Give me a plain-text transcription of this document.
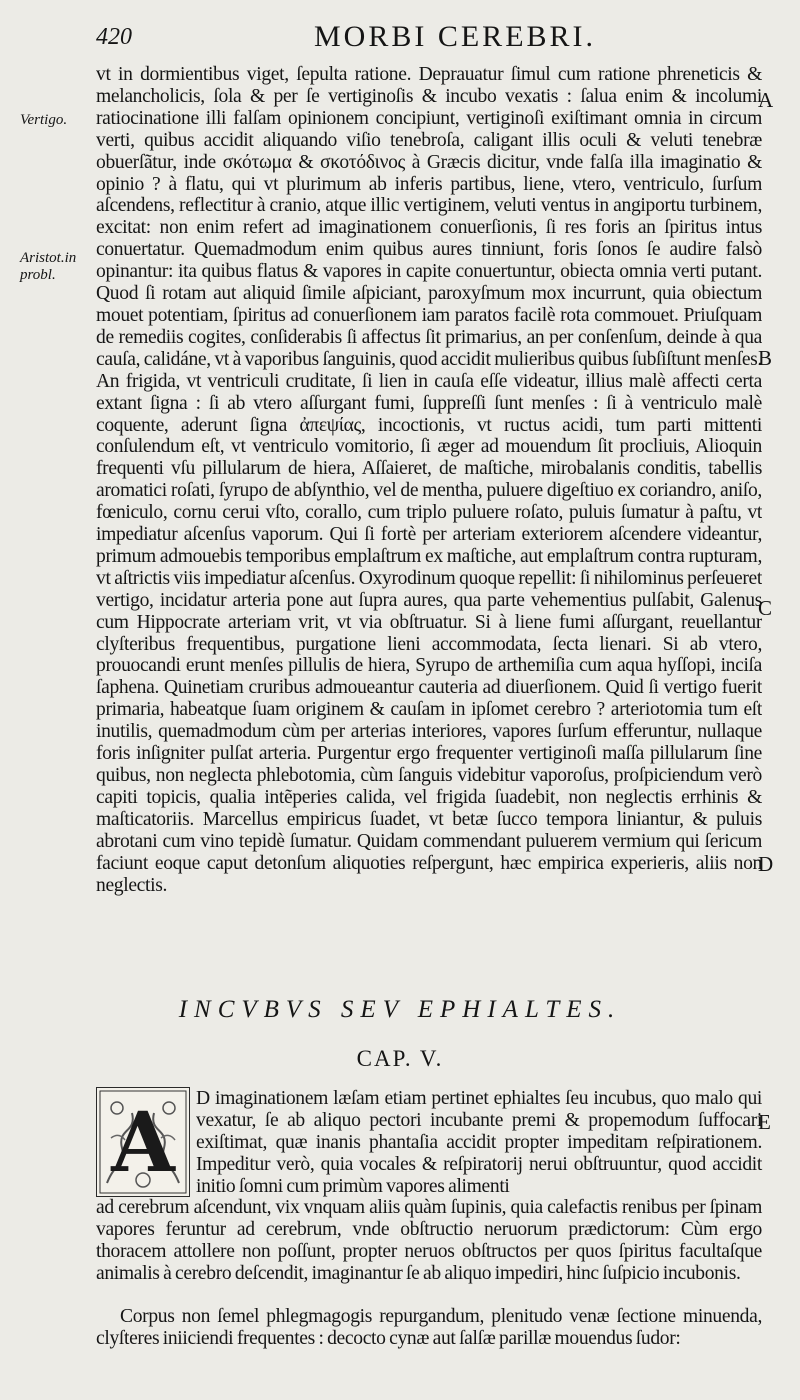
420	MORBI CEREBRI.
Vertigo.
Aristot.in probl.
A
B
C
D
E

vt in dormientibus viget, ſepulta ratione. Deprauatur ſimul cum ratione phreneticis & melancholicis, ſola & per ſe vertiginoſis & incubo vexatis : ſalua enim & incolumi ratiocinatione illi falſam opinionem concipiunt, vertiginoſi exiſtimant omnia in circum verti, quibus accidit aliquando viſio tenebroſa, caligant illis oculi & veluti tenebræ obuerſãtur, inde σκότωμα & σκοτόδινος à Græcis dicitur, vnde falſa illa imaginatio & opinio ? à flatu, qui vt plurimum ab inferis partibus, liene, vtero, ventriculo, ſurſum aſcendens, reflectitur à cranio, atque illic vertiginem, veluti ventus in angiportu turbinem, excitat: non enim refert ad imaginationem conuerſionis, ſi res foris an ſpiritus intus conuertatur. Quemadmodum enim quibus aures tinniunt, foris ſonos ſe audire falsò opinantur: ita quibus flatus & vapores in capite conuertuntur, obiecta omnia verti putant. Quod ſi rotam aut aliquid ſimile aſpiciant, paroxyſmum mox incurrunt, quia obiectum mouet potentiam, ſpiritus ad conuerſionem iam paratos facilè rota commouet. Priuſquam de remediis cogites, conſiderabis ſi affectus ſit primarius, an per conſenſum, deinde à qua cauſa, calidáne, vt à vaporibus ſanguinis, quod accidit mulieribus quibus ſubſiſtunt menſes. An frigida, vt ventriculi cruditate, ſi lien in cauſa eſſe videatur, illius malè affecti certa extant ſigna : ſi ab vtero aſſurgant fumi, ſuppreſſi ſunt menſes : ſi à ventriculo malè coquente, aderunt ſigna ἀπεψίας, incoctionis, vt ructus acidi, tum parti mittenti conſulendum eſt, vt ventriculo vomitorio, ſi æger ad mouendum ſit procliuis, Alioquin frequenti vſu pillularum de hiera, Aſſaieret, de maſtiche, mirobalanis conditis, tabellis aromatici roſati, ſyrupo de abſynthio, vel de mentha, puluere digeſtiuo ex coriandro, aniſo, fœniculo, cornu cerui vſto, corallo, cum triplo puluere roſato, puluis ſumatur à paſtu, vt impediatur aſcenſus vaporum. Qui ſi fortè per arteriam exteriorem aſcendere videantur, primum admouebis temporibus emplaſtrum ex maſtiche, aut emplaſtrum contra rupturam, vt aſtrictis viis impediatur aſcenſus. Oxyrodinum quoque repellit: ſi nihilominus perſeueret vertigo, incidatur arteria pone aut ſupra aures, qua parte vehementius pulſabit, Galenus cum Hippocrate arteriam vrit, vt via obſtruatur. Si à liene fumi aſſurgant, reuellantur clyſteribus frequentibus, purgatione lieni accommodata, ſecta lienari. Si ab vtero, prouocandi erunt menſes pillulis de hiera, Syrupo de arthemiſia cum aqua hyſſopi, inciſa ſaphena. Quinetiam cruribus admoueantur cauteria ad diuerſionem. Quid ſi vertigo fuerit primaria, habeatque ſuam originem & cauſam in ipſomet cerebro ? arteriotomia tum eſt inutilis, quemadmodum cùm per arterias interiores, vapores ſurſum efferuntur, nullaque foris inſigniter pulſat arteria. Purgentur ergo frequenter vertiginoſi maſſa pillularum ſine quibus, non neglecta phlebotomia, cùm ſanguis videbitur vaporoſus, proſpiciendum verò capiti topicis, qualia intẽperies calida, vel frigida ſuadebit, non neglectis errhinis & maſticatoriis. Marcellus empiricus ſuadet, vt betæ ſucco tempora liniantur, & puluis abrotani cum vino tepidè ſumatur. Quidam commendant puluerem vermium qui ſericum faciunt eoque caput detonſum aliquoties reſpergunt, hæc empirica experieris, aliis non neglectis.

INCVBVS SEV EPHIALTES.
CAP. V.
A	D imaginationem læſam etiam pertinet ephialtes ſeu incubus, quo malo qui vexatur, ſe ab aliquo pectori incubante premi & propemodum ſuffocari exiſtimat, quæ inanis phantaſia accidit propter impeditam reſpirationem. Impeditur verò, quia vocales & reſpiratorij nerui obſtruuntur, quod accidit initio ſomni cum primùm vapores alimenti
ad cerebrum aſcendunt, vix vnquam aliis quàm ſupinis, quia calefactis renibus per ſpinam vapores feruntur ad cerebrum, vnde obſtructio neruorum prædictorum: Cùm ergo thoracem attollere non poſſunt, propter neruos obſtructos per quos ſpiritus facultaſque animalis à cerebro deſcendit, imaginantur ſe ab aliquo impediri, hinc ſuſpicio incubonis.
Corpus non ſemel phlegmagogis repurgandum, plenitudo venæ ſectione minuenda, clyſteres iniiciendi frequentes : decocto cynæ aut ſalſæ parillæ mouendus ſudor:
